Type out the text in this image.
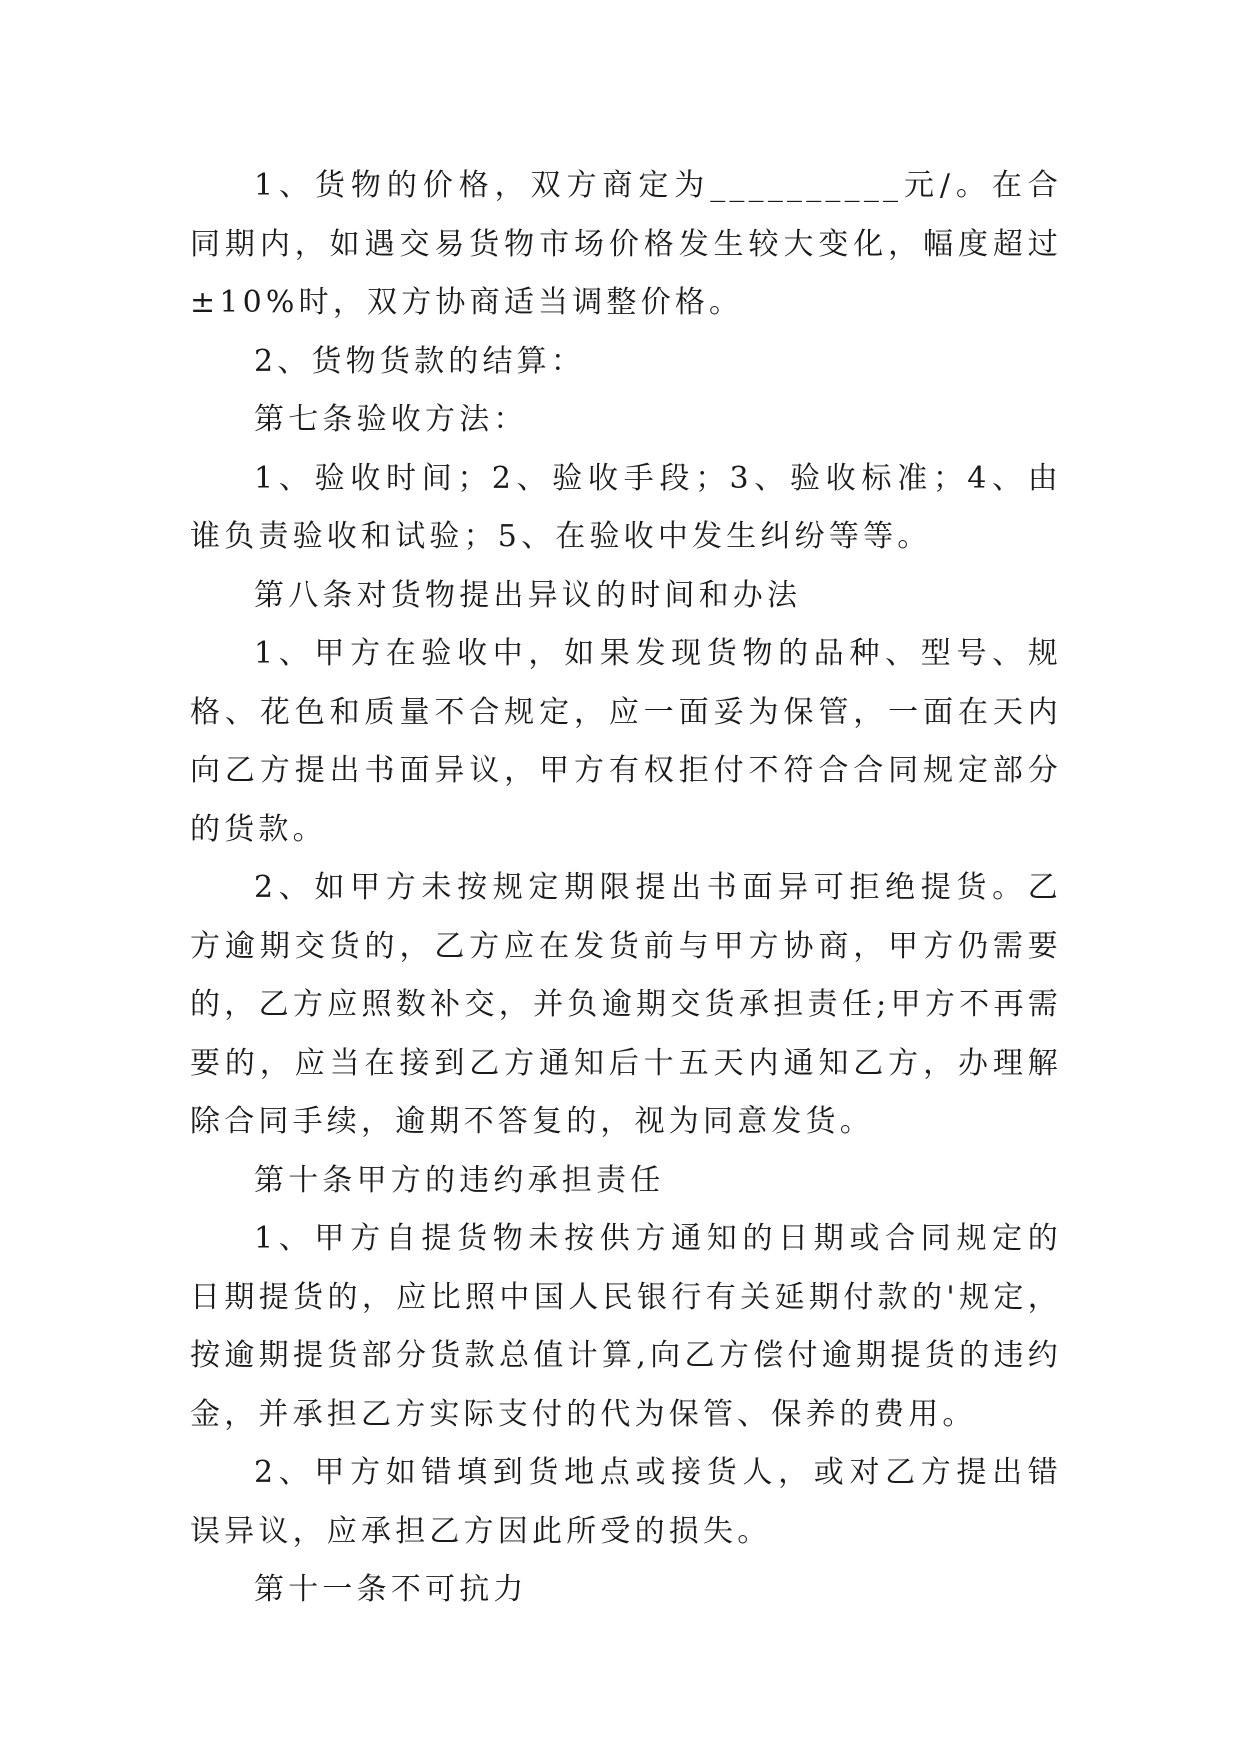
1、货物的价格，双方商定为__________元/。在合同期内，如遇交易货物市场价格发生较大变化，幅度超过±10%时，双方协商适当调整价格。

2、货物货款的结算：

第七条验收方法：

1、验收时间；2、验收手段；3、验收标准；4、由谁负责验收和试验；5、在验收中发生纠纷等等。

第八条对货物提出异议的时间和办法

1、甲方在验收中，如果发现货物的品种、型号、规格、花色和质量不合规定，应一面妥为保管，一面在天内向乙方提出书面异议，甲方有权拒付不符合合同规定部分的货款。

2、如甲方未按规定期限提出书面异可拒绝提货。乙方逾期交货的，乙方应在发货前与甲方协商，甲方仍需要的，乙方应照数补交，并负逾期交货承担责任;甲方不再需要的，应当在接到乙方通知后十五天内通知乙方，办理解除合同手续，逾期不答复的，视为同意发货。

第十条甲方的违约承担责任

1、甲方自提货物未按供方通知的日期或合同规定的日期提货的，应比照中国人民银行有关延期付款的'规定，按逾期提货部分货款总值计算,向乙方偿付逾期提货的违约金，并承担乙方实际支付的代为保管、保养的费用。

2、甲方如错填到货地点或接货人，或对乙方提出错误异议，应承担乙方因此所受的损失。

第十一条不可抗力
